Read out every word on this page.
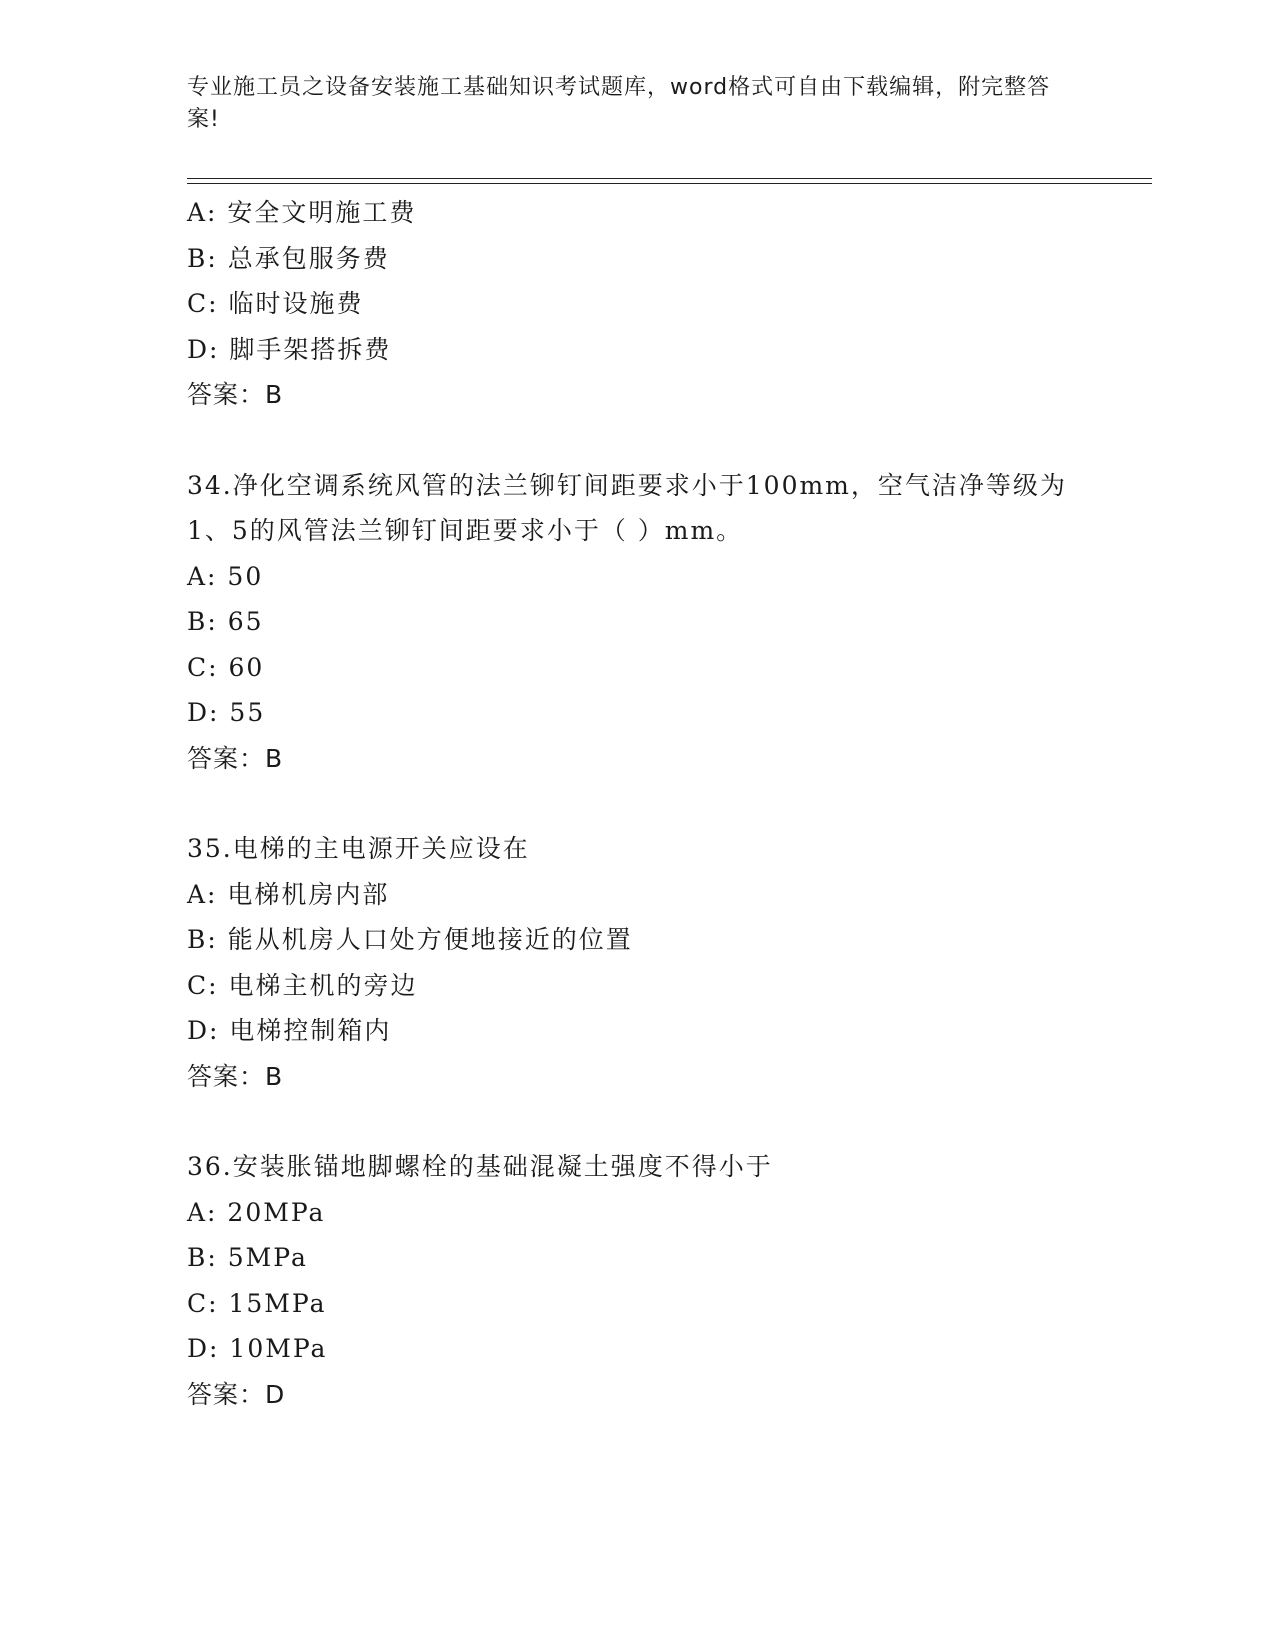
专业施工员之设备安装施工基础知识考试题库，word格式可自由下载编辑，附完整答案!
A: 安全文明施工费
B: 总承包服务费
C: 临时设施费
D: 脚手架搭拆费
答案：B
34.净化空调系统风管的法兰铆钉间距要求小于100mm，空气洁净等级为1、5的风管法兰铆钉间距要求小于（ ）mm。
A: 50
B: 65
C: 60
D: 55
答案：B
35.电梯的主电源开关应设在
A: 电梯机房内部
B: 能从机房人口处方便地接近的位置
C: 电梯主机的旁边
D: 电梯控制箱内
答案：B
36.安装胀锚地脚螺栓的基础混凝土强度不得小于
A: 20MPa
B: 5MPa
C: 15MPa
D: 10MPa
答案：D
